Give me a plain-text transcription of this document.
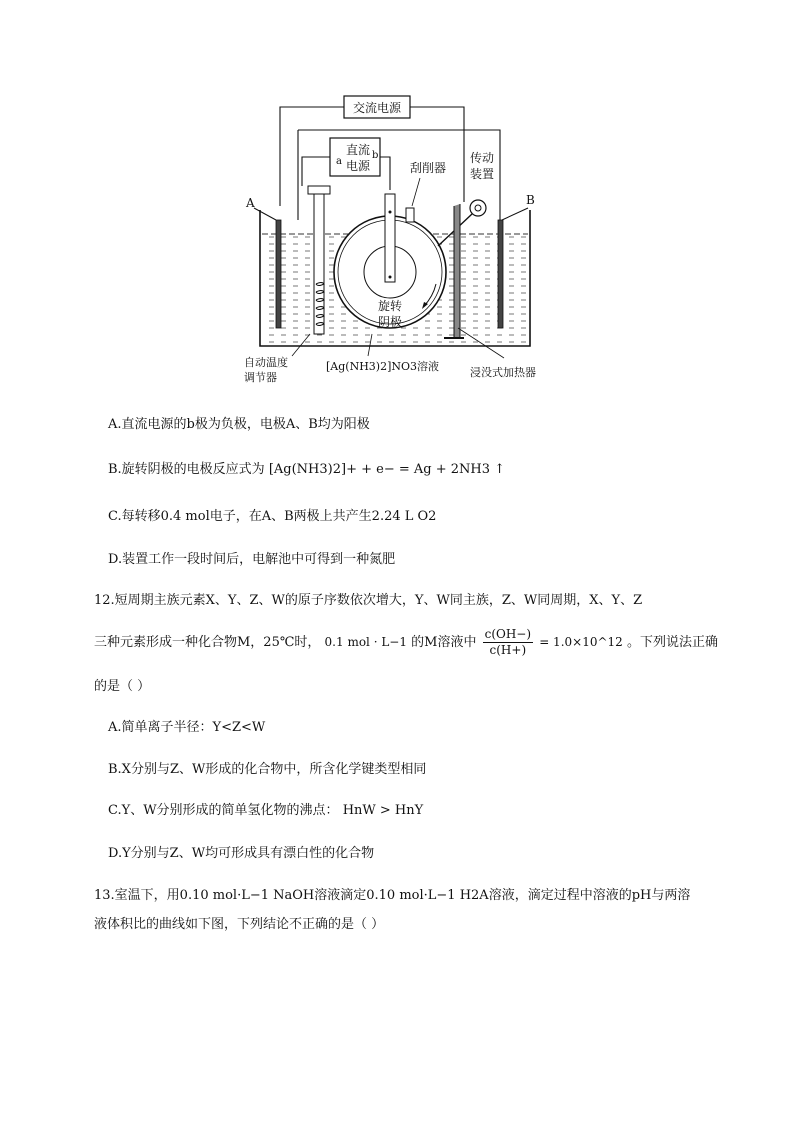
交流电源
直流
电源
a
b
刮削器
传动
装置
A	B
旋转
阴极
自动温度
调节器
[Ag(NH3)2]NO3溶液	浸没式加热器
A.直流电源的b极为负极，电极A、B均为阳极
B.旋转阴极的电极反应式为 [Ag(NH3)2]+ + e− = Ag + 2NH3 ↑
C.每转移0.4 mol电子，在A、B两极上共产生2.24 L O2
D.装置工作一段时间后，电解池中可得到一种氮肥
12.短周期主族元素X、Y、Z、W的原子序数依次增大，Y、W同主族，Z、W同周期，X、Y、Z
三种元素形成一种化合物M，25℃时， 0.1 mol · L−1 的M溶液中 $\frac{c(OH-)}{c(H+)}$ = 1.0×10^12 。下列说法正确
的是（ ）
A.简单离子半径：Y<Z<W
B.X分别与Z、W形成的化合物中，所含化学键类型相同
C.Y、W分别形成的简单氢化物的沸点： HnW > HnY
D.Y分别与Z、W均可形成具有漂白性的化合物
13.室温下，用0.10 mol·L−1 NaOH溶液滴定0.10 mol·L−1 H2A溶液，滴定过程中溶液的pH与两溶
液体积比的曲线如下图，下列结论不正确的是（ ）
